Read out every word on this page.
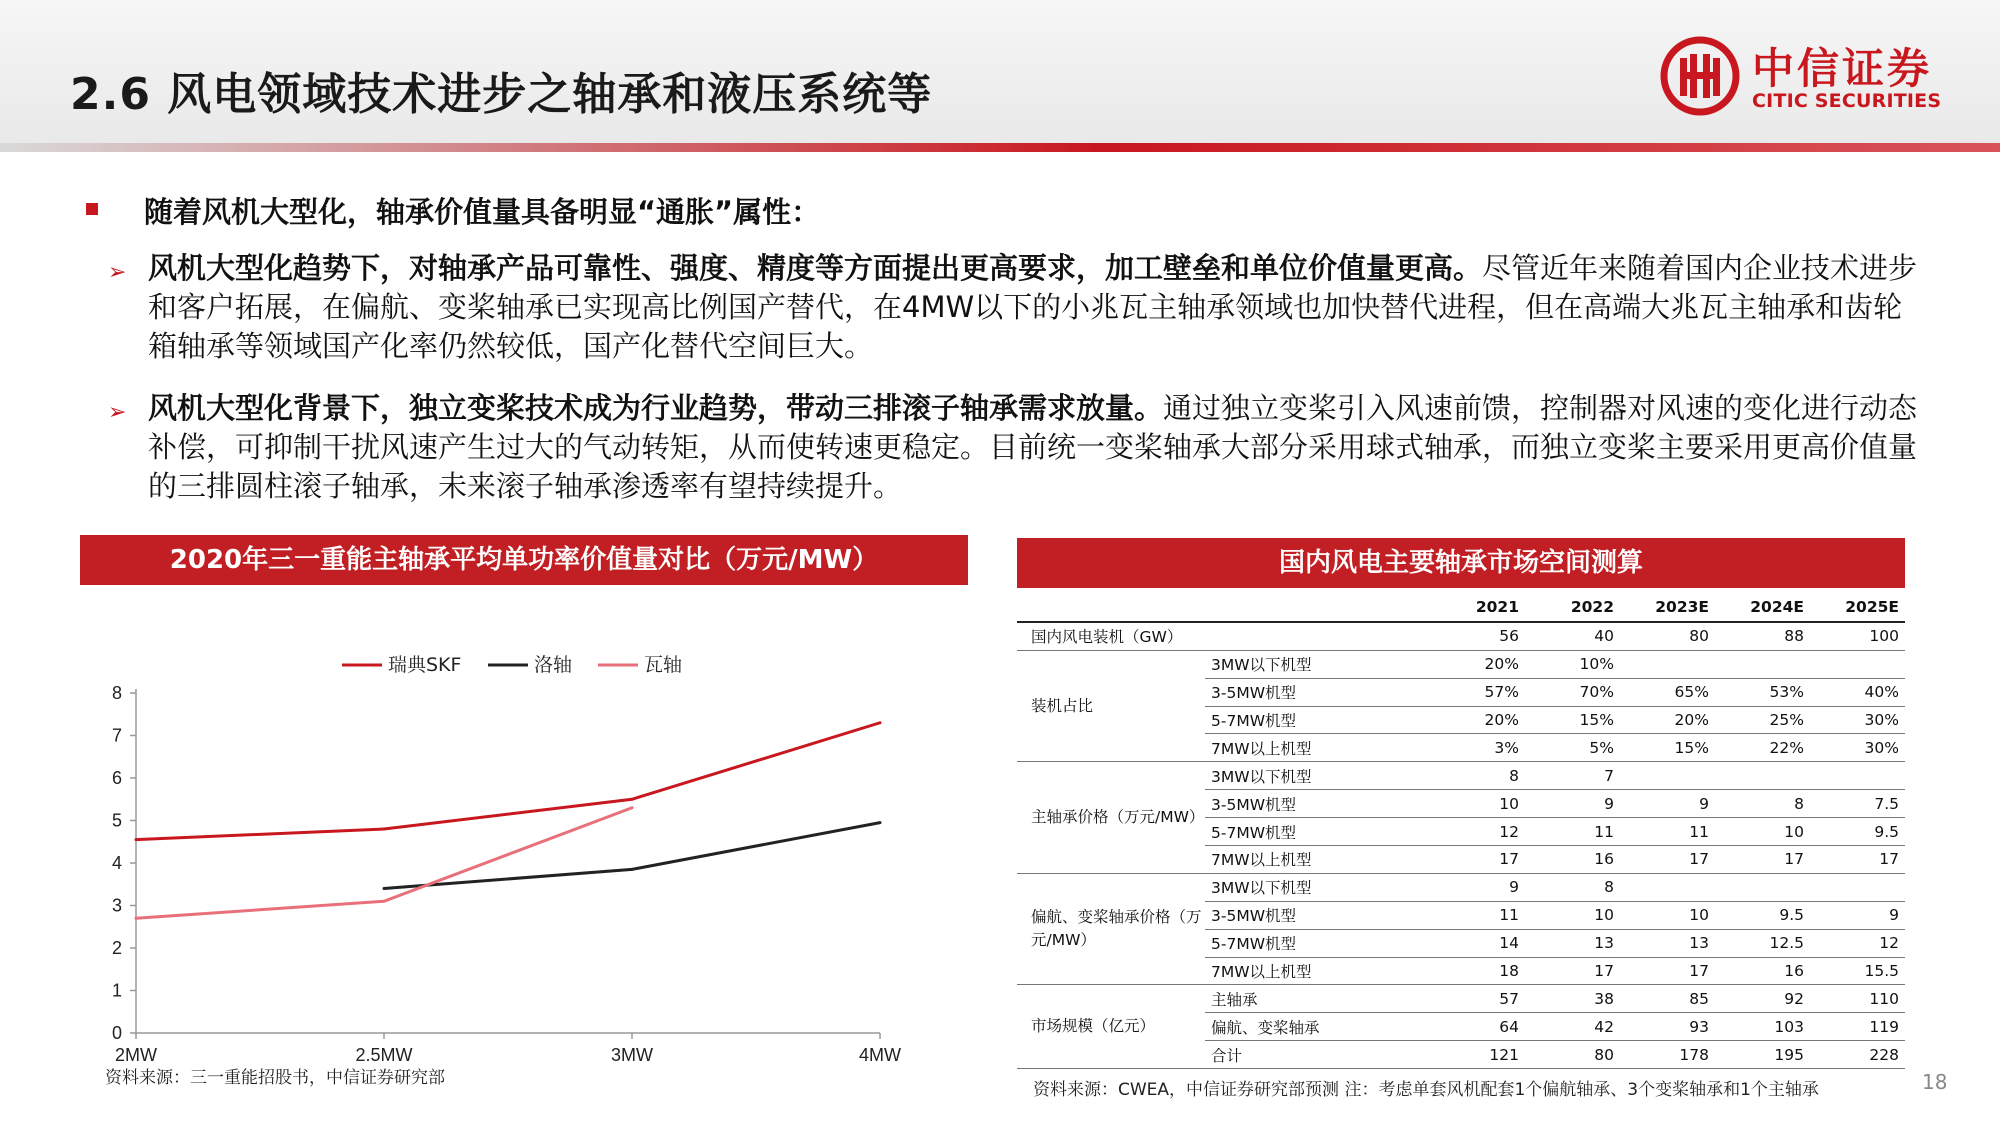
2.6 风电领域技术进步之轴承和液压系统等
中信证券
CITIC SECURITIES
随着风机大型化，轴承价值量具备明显“通胀”属性：
➢ 风机大型化趋势下，对轴承产品可靠性、强度、精度等方面提出更高要求，加工壁垒和单位价值量更高。尽管近年来随着国内企业技术进步和客户拓展，在偏航、变桨轴承已实现高比例国产替代，在4MW以下的小兆瓦主轴承领域也加快替代进程，但在高端大兆瓦主轴承和齿轮箱轴承等领域国产化率仍然较低，国产化替代空间巨大。
➢ 风机大型化背景下，独立变桨技术成为行业趋势，带动三排滚子轴承需求放量。通过独立变桨引入风速前馈，控制器对风速的变化进行动态补偿，可抑制干扰风速产生过大的气动转矩，从而使转速更稳定。目前统一变桨轴承大部分采用球式轴承，而独立变桨主要采用更高价值量的三排圆柱滚子轴承，未来滚子轴承渗透率有望持续提升。
2020年三一重能主轴承平均单功率价值量对比（万元/MW）
0
1
2
3
4
5
6
7
8
2MW	2.5MW	3MW	4MW
瑞典SKF	洛轴	瓦轴
资料来源：三一重能招股书，中信证券研究部
国内风电主要轴承市场空间测算
		2021	2022	2023E	2024E	2025E
国内风电装机（GW）		56	40	80	88	100
装机占比	3MW以下机型	20%	10%			
	3-5MW机型	57%	70%	65%	53%	40%
	5-7MW机型	20%	15%	20%	25%	30%
	7MW以上机型	3%	5%	15%	22%	30%
主轴承价格（万元/MW）	3MW以下机型	8	7			
	3-5MW机型	10	9	9	8	7.5
	5-7MW机型	12	11	11	10	9.5
	7MW以上机型	17	16	17	17	17
偏航、变桨轴承价格（万元/MW）	3MW以下机型	9	8			
	3-5MW机型	11	10	10	9.5	9
	5-7MW机型	14	13	13	12.5	12
	7MW以上机型	18	17	17	16	15.5
市场规模（亿元）	主轴承	57	38	85	92	110
	偏航、变桨轴承	64	42	93	103	119
	合计	121	80	178	195	228
资料来源：CWEA，中信证券研究部预测 注：考虑单套风机配套1个偏航轴承、3个变桨轴承和1个主轴承	18
